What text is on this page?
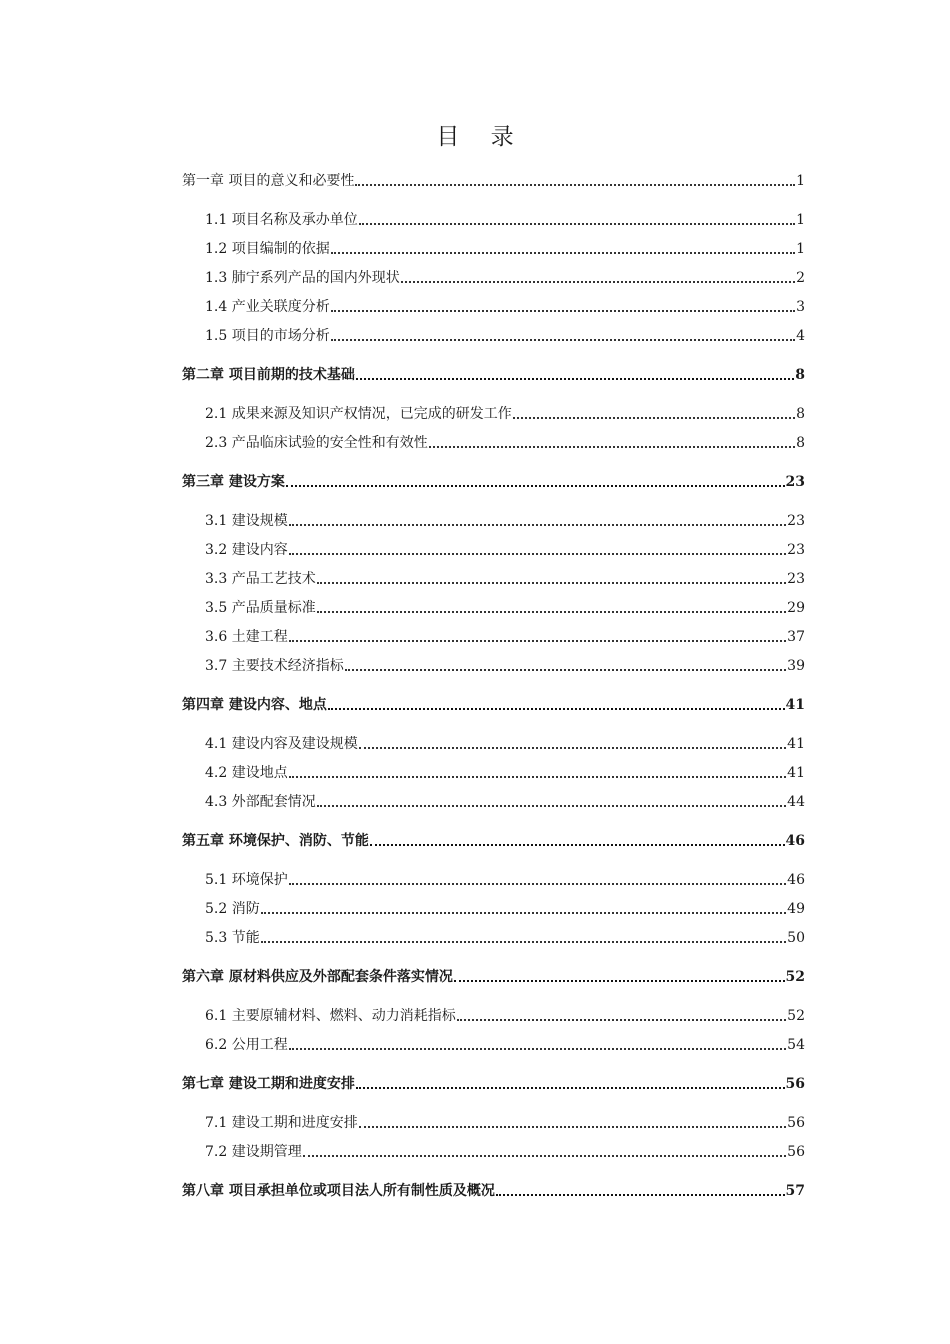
目 录
第一章 项目的意义和必要性	1
1.1 项目名称及承办单位	1
1.2 项目编制的依据	1
1.3 肺宁系列产品的国内外现状	2
1.4 产业关联度分析	3
1.5 项目的市场分析	4
第二章 项目前期的技术基础	8
2.1 成果来源及知识产权情况，已完成的研发工作	8
2.3 产品临床试验的安全性和有效性	8
第三章 建设方案	23
3.1 建设规模	23
3.2 建设内容	23
3.3 产品工艺技术	23
3.5 产品质量标准	29
3.6 土建工程	37
3.7 主要技术经济指标	39
第四章 建设内容、地点	41
4.1 建设内容及建设规模	41
4.2 建设地点	41
4.3 外部配套情况	44
第五章 环境保护、消防、节能	46
5.1 环境保护	46
5.2 消防	49
5.3 节能	50
第六章 原材料供应及外部配套条件落实情况	52
6.1 主要原辅材料、燃料、动力消耗指标	52
6.2 公用工程	54
第七章 建设工期和进度安排	56
7.1 建设工期和进度安排	56
7.2 建设期管理	56
第八章 项目承担单位或项目法人所有制性质及概况	57
